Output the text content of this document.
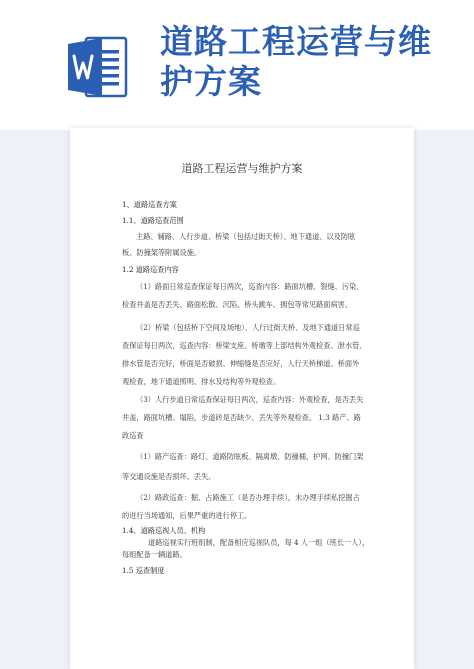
道路工程运营与维
护方案
道路工程运营与维护方案
1、道路巡查方案
1.1、道路巡查范围
主路、辅路、人行步道、桥梁（包括过街天桥）、地下通道、以及防眩
板、防撞架等附属设施。
1.2 道路巡查内容
（1）路面日常巡查保证每日两次，巡查内容：路面坑槽、裂缝、污染、
检查井盖是否丢失、路面松散、沉陷、桥头跳车、拥包等常见路面病害。
（2）桥梁（包括桥下空间及场地）、人行过街天桥、及地下通道日常巡
查保证每日两次，巡查内容：桥梁支座、桥墩等上部结构外观检查、泄水管、
排水管是否完好，桥面是否破损、伸缩缝是否完好，人行天桥梯道、桥面外
观检查，地下通道照明、排水及结构等外观检查。
（3）人行步道日常巡查保证每日两次，巡查内容：外观检查，是否丢失
井盖，路面坑槽、塌陷，步道砖是否缺少、丢失等外观检查。 1.3 路产、路
政巡查
（1）路产巡查：路灯、道路防眩板、隔离墩、防撞桶、护网、防撞门架
等交通设施是否损坏、丢失。
（2）路政巡查：掘、占路施工（是否办理手续），未办理手续私挖掘占
的进行当场通知，后果严重的进行停工。
1.4、道路巡视人员、机构
道路巡视实行班组制，配备相应巡视队员，每 4 人一组（班长一人），
每组配备一辆道路。
1.5 巡查制度
